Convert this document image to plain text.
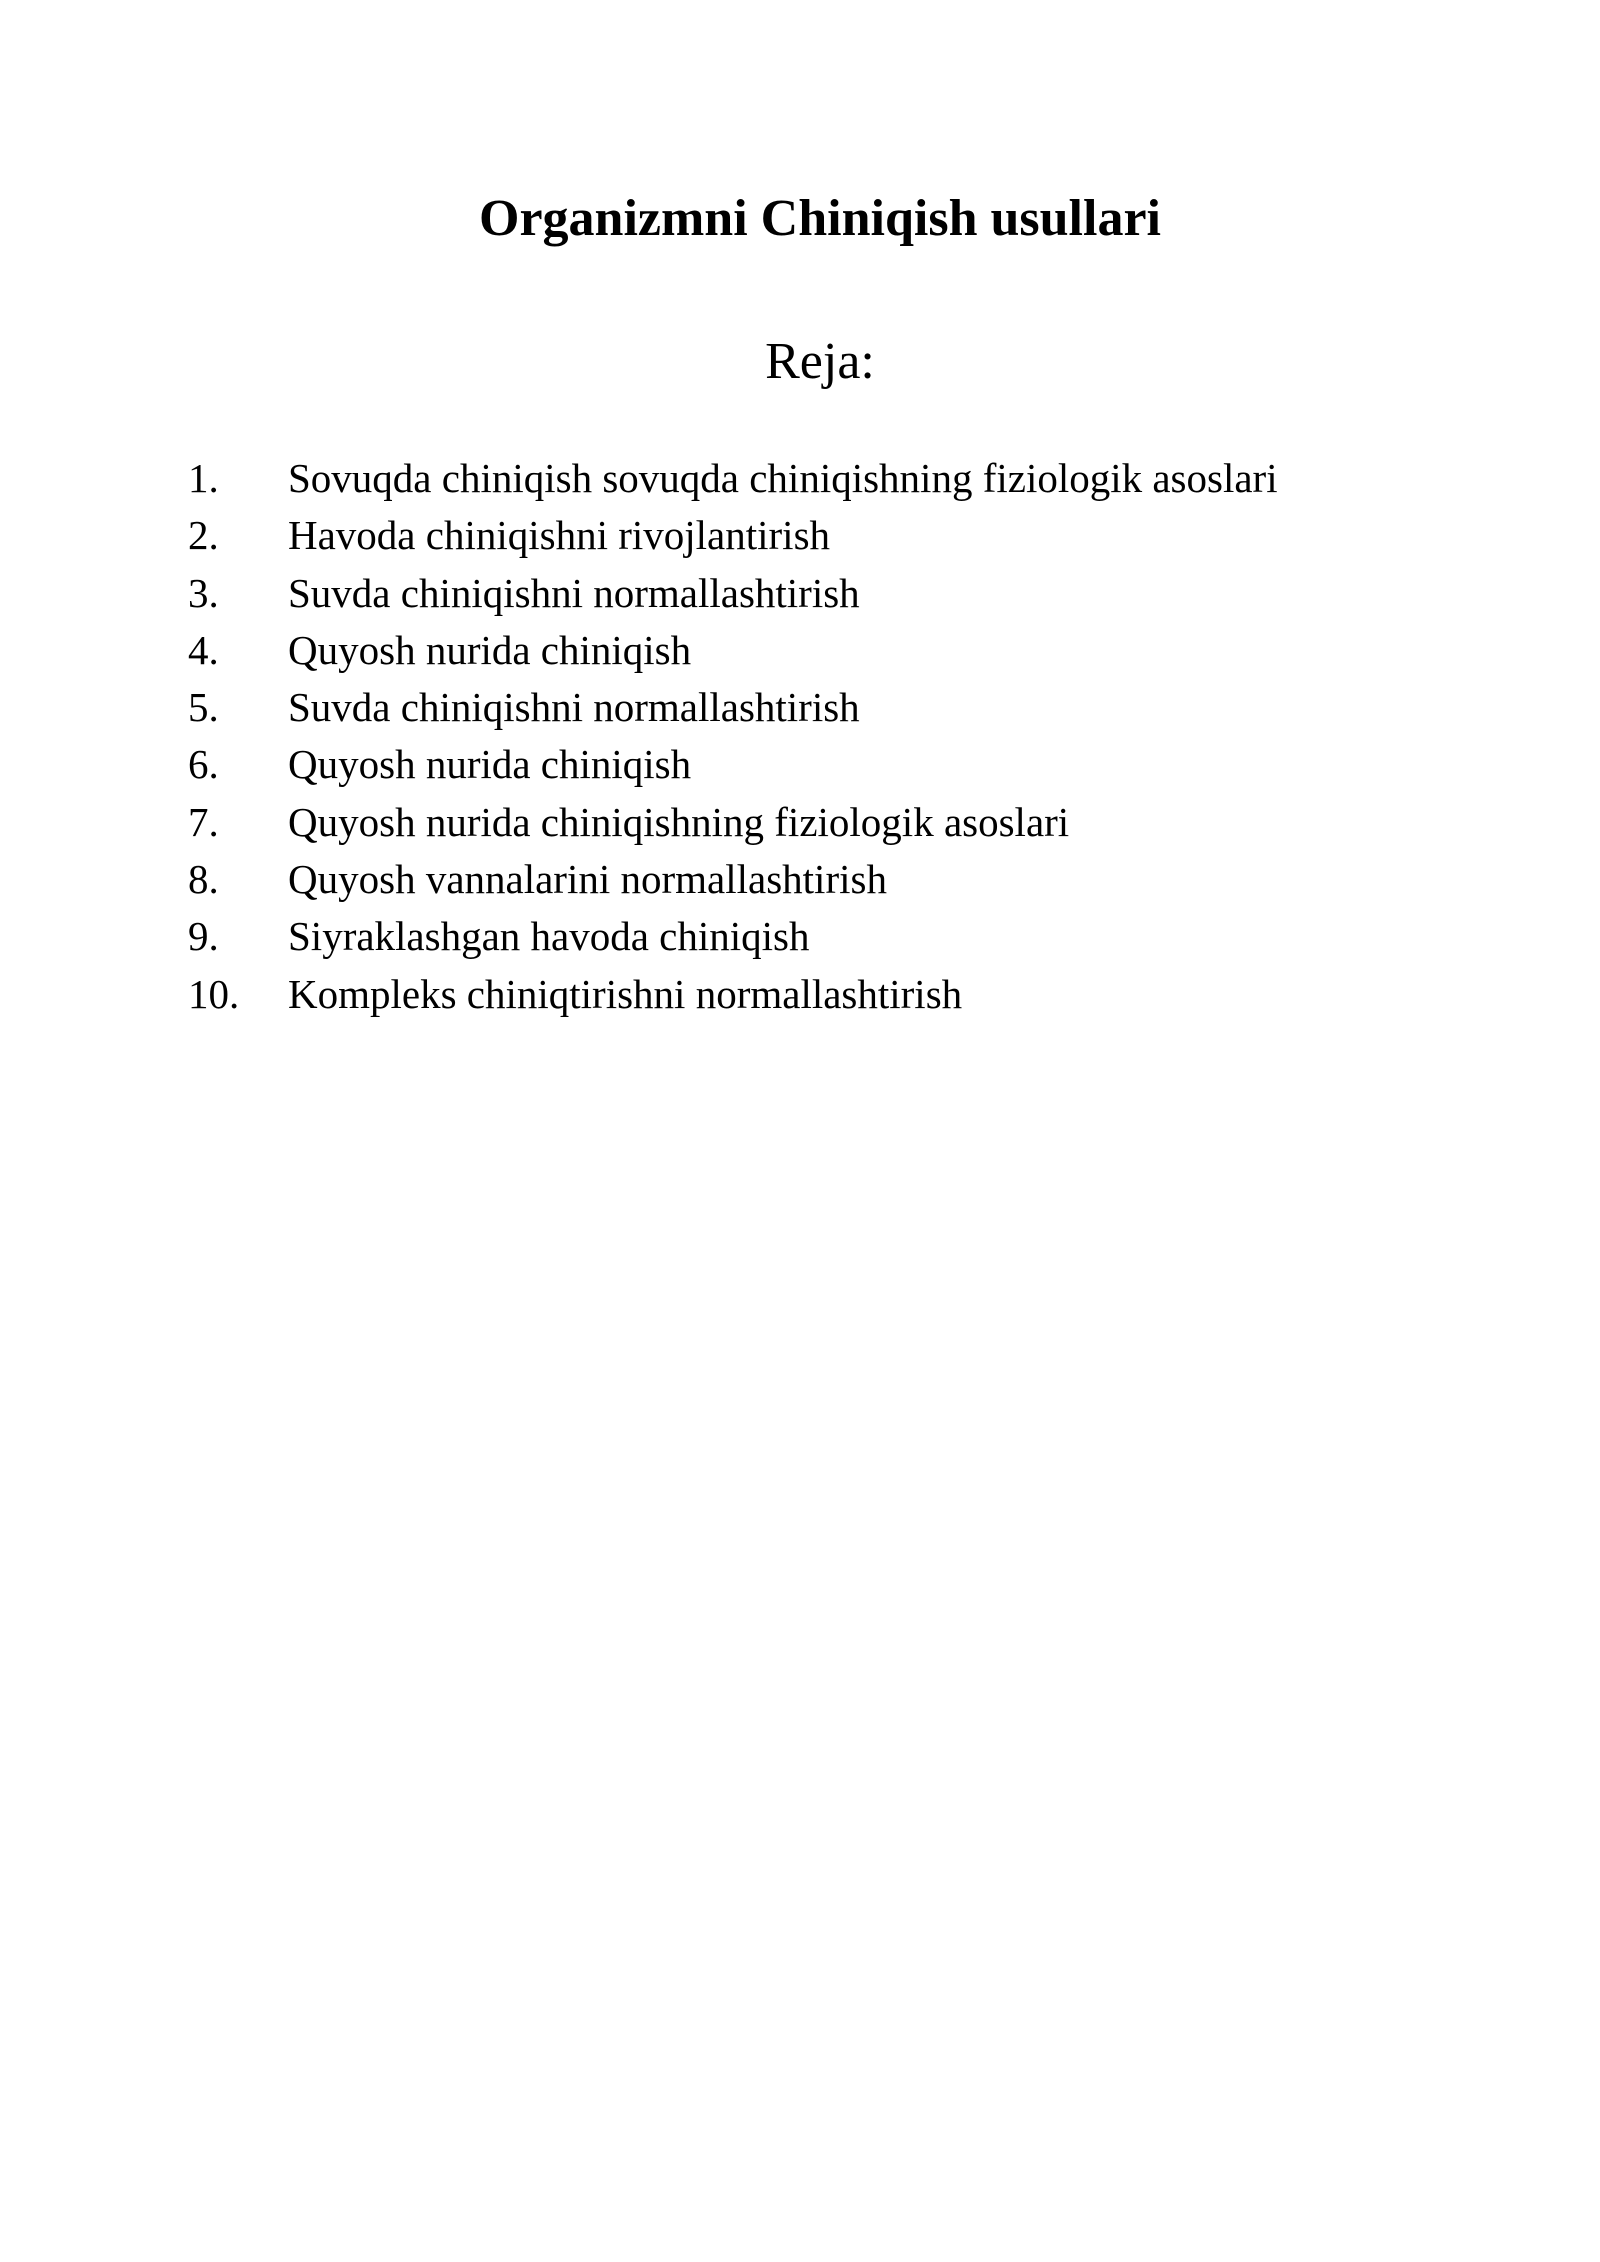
Organizmni Chiniqish usullari
Reja:
1. Sovuqda chiniqish sovuqda chiniqishning fiziologik asoslari
2. Havoda chiniqishni rivojlantirish
3. Suvda chiniqishni normallashtirish
4. Quyosh nurida chiniqish
5. Suvda chiniqishni normallashtirish
6. Quyosh nurida chiniqish
7. Quyosh nurida chiniqishning fiziologik asoslari
8. Quyosh vannalarini normallashtirish
9. Siyraklashgan havoda chiniqish
10. Kompleks chiniqtirishni normallashtirish
